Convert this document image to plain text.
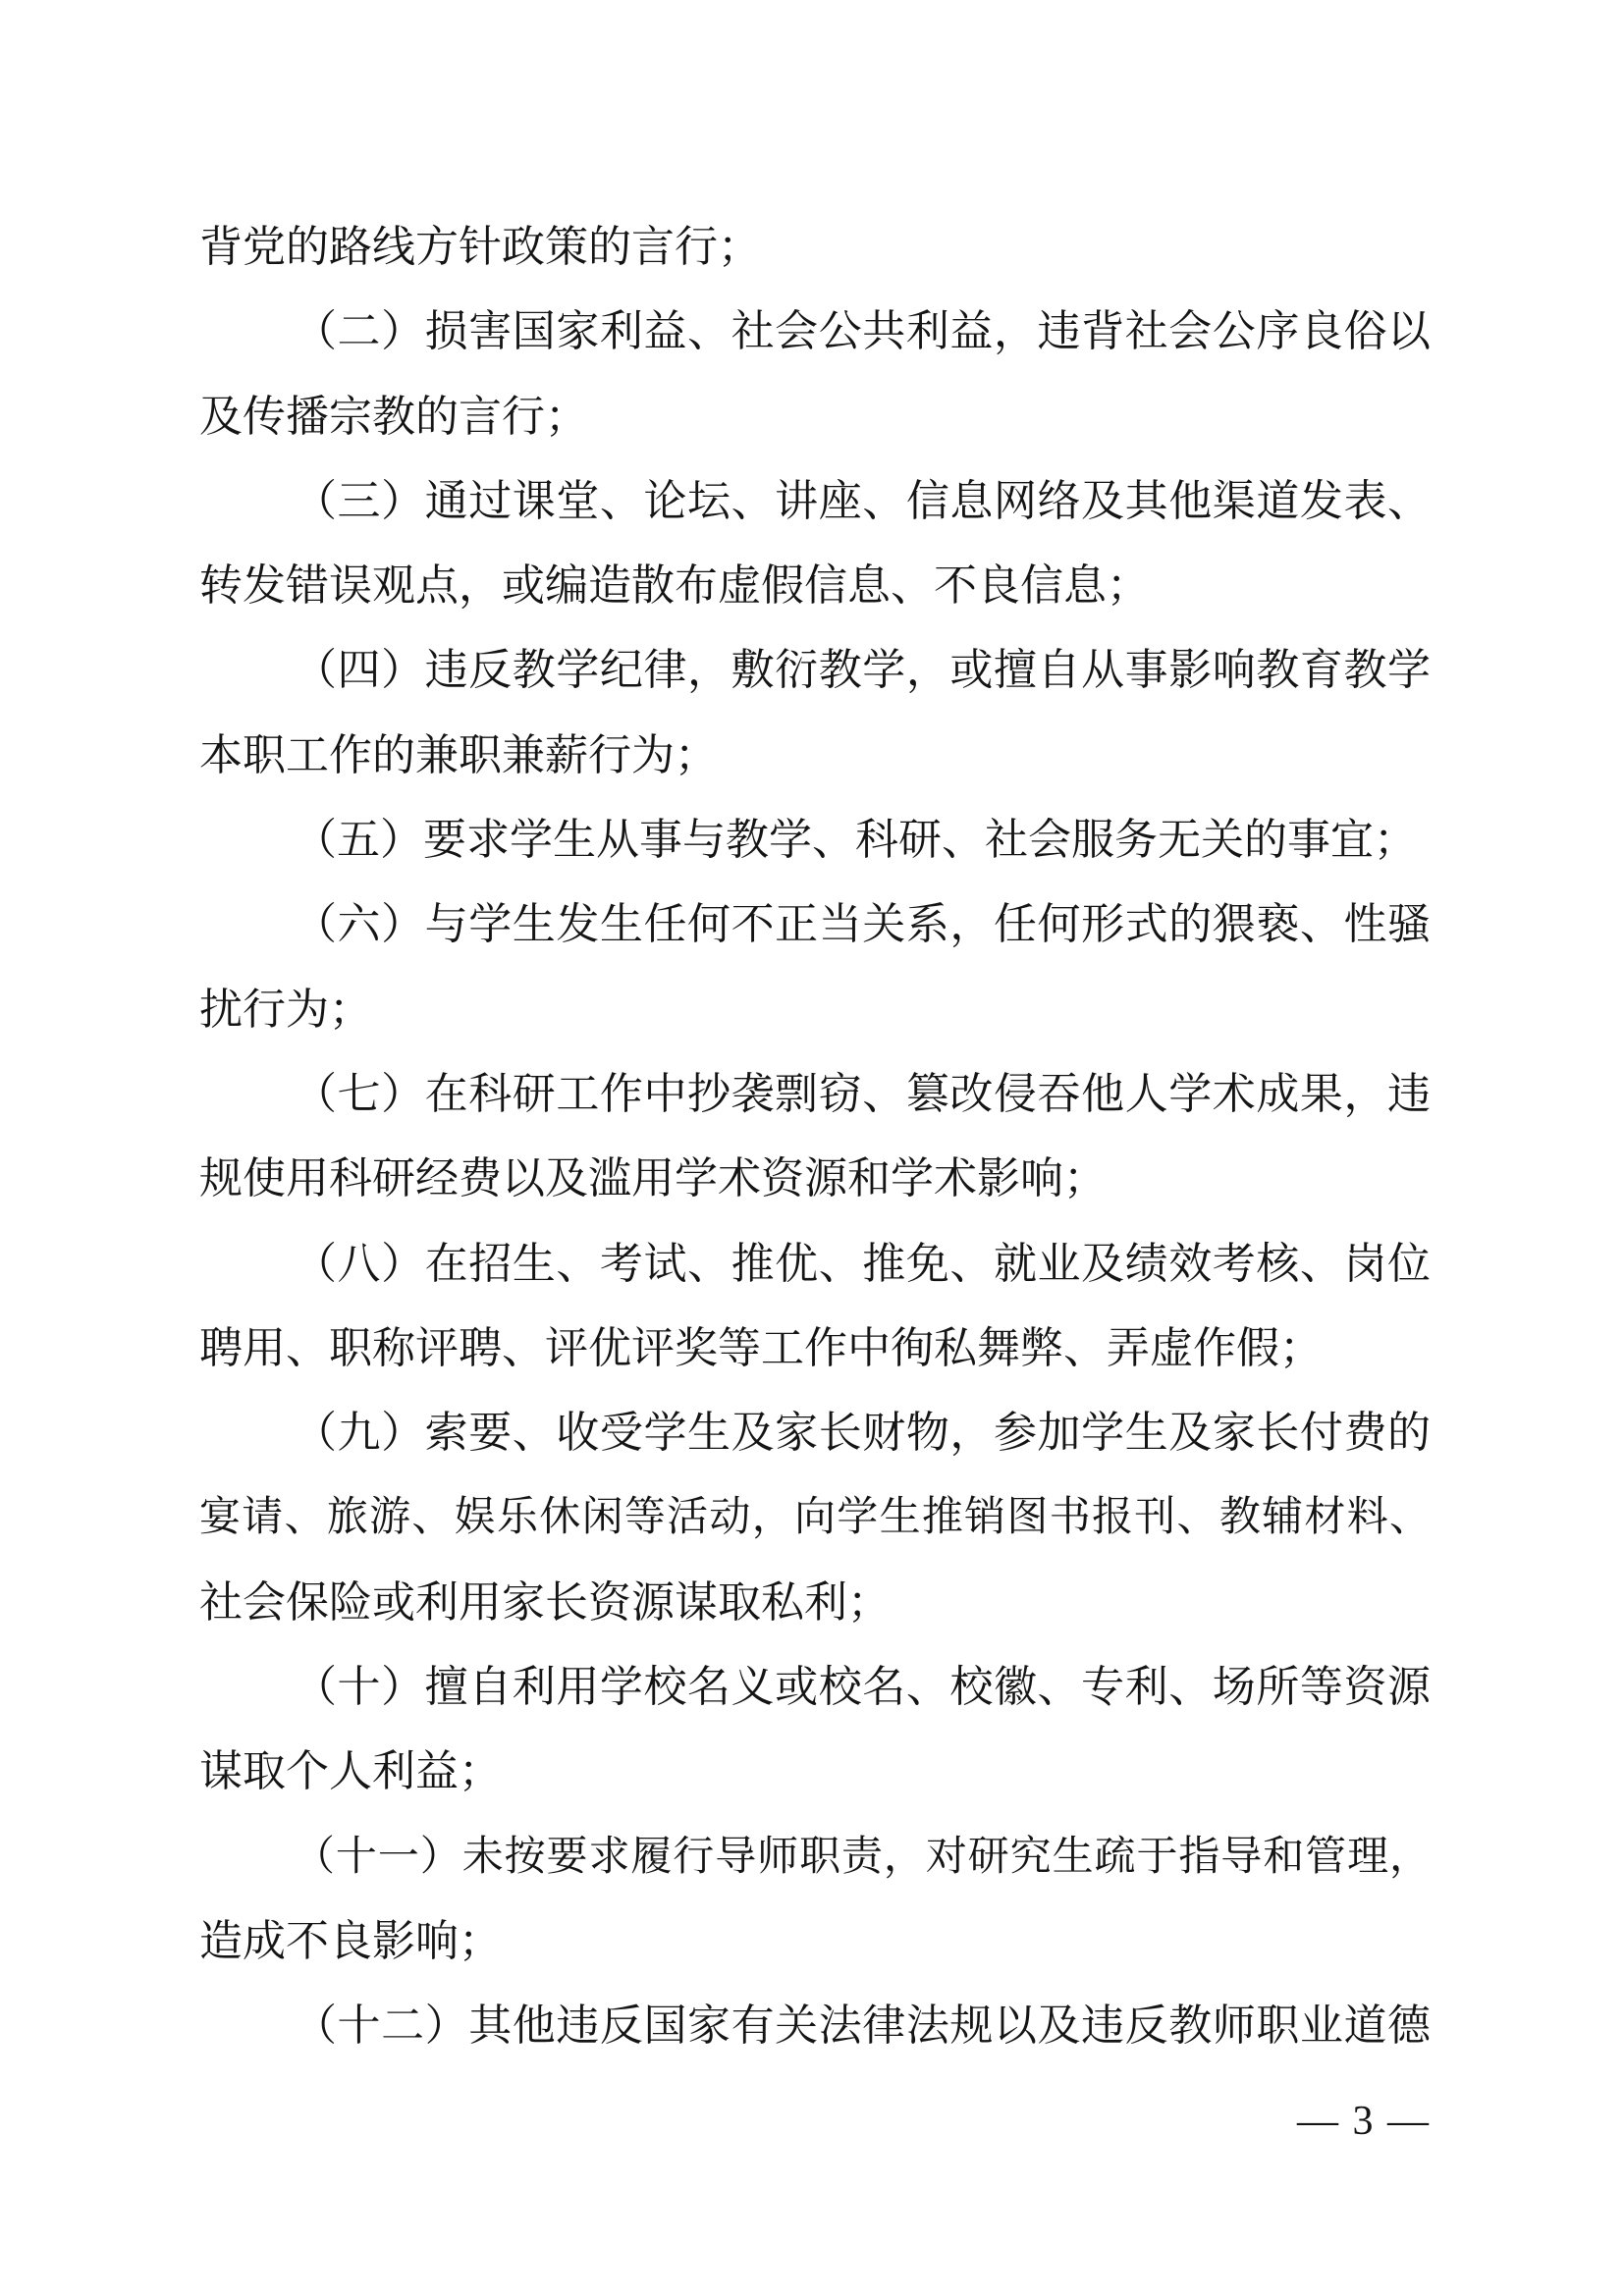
背党的路线方针政策的言行；
（二）损害国家利益、社会公共利益，违背社会公序良俗以
及传播宗教的言行；
（三）通过课堂、论坛、讲座、信息网络及其他渠道发表、
转发错误观点，或编造散布虚假信息、不良信息；
（四）违反教学纪律，敷衍教学，或擅自从事影响教育教学
本职工作的兼职兼薪行为；
（五）要求学生从事与教学、科研、社会服务无关的事宜；
（六）与学生发生任何不正当关系，任何形式的猥亵、性骚
扰行为；
（七）在科研工作中抄袭剽窃、篡改侵吞他人学术成果，违
规使用科研经费以及滥用学术资源和学术影响；
（八）在招生、考试、推优、推免、就业及绩效考核、岗位
聘用、职称评聘、评优评奖等工作中徇私舞弊、弄虚作假；
（九）索要、收受学生及家长财物，参加学生及家长付费的
宴请、旅游、娱乐休闲等活动，向学生推销图书报刊、教辅材料、
社会保险或利用家长资源谋取私利；
（十）擅自利用学校名义或校名、校徽、专利、场所等资源
谋取个人利益；
（十一）未按要求履行导师职责，对研究生疏于指导和管理，
造成不良影响；
（十二）其他违反国家有关法律法规以及违反教师职业道德
— 3 —
